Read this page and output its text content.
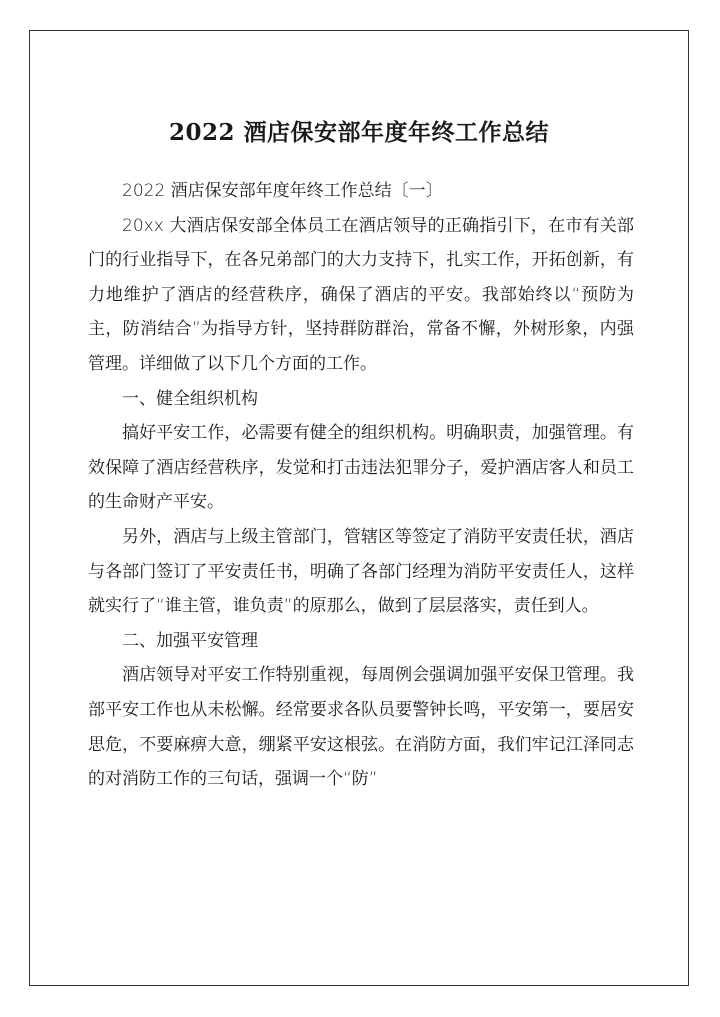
2022 酒店保安部年度年终工作总结

2022 酒店保安部年度年终工作总结〔一〕

20xx 大酒店保安部全体员工在酒店领导的正确指引下，在市有关部门的行业指导下，在各兄弟部门的大力支持下，扎实工作，开拓创新，有力地维护了酒店的经营秩序，确保了酒店的平安。我部始终以“预防为主，防消结合”为指导方针，坚持群防群治，常备不懈，外树形象，内强管理。详细做了以下几个方面的工作。

一、健全组织机构

搞好平安工作，必需要有健全的组织机构。明确职责，加强管理。有效保障了酒店经营秩序，发觉和打击违法犯罪分子，爱护酒店客人和员工的生命财产平安。

另外，酒店与上级主管部门，管辖区等签定了消防平安责任状，酒店与各部门签订了平安责任书，明确了各部门经理为消防平安责任人，这样就实行了“谁主管，谁负责”的原那么，做到了层层落实，责任到人。

二、加强平安管理

酒店领导对平安工作特别重视，每周例会强调加强平安保卫管理。我部平安工作也从未松懈。经常要求各队员要警钟长鸣，平安第一，要居安思危，不要麻痹大意，绷紧平安这根弦。在消防方面，我们牢记江泽同志的对消防工作的三句话，强调一个“防”
